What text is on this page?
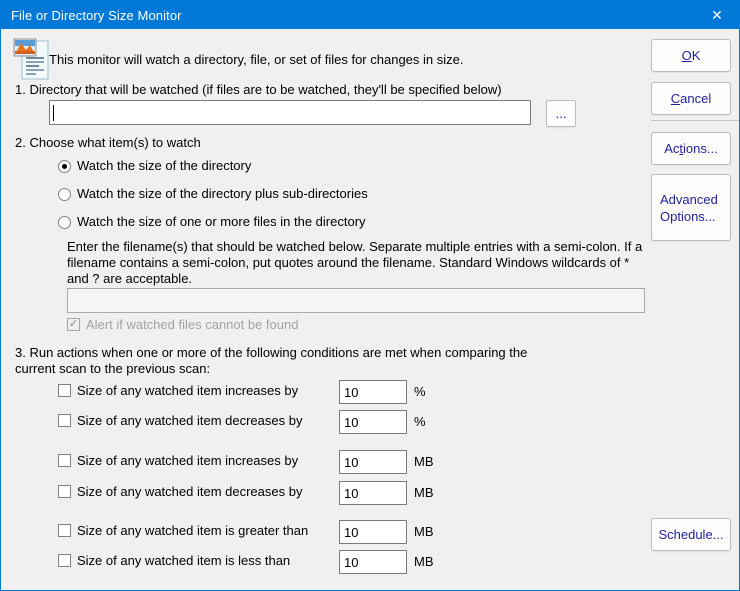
File or Directory Size Monitor	✕
This monitor will watch a directory, file, or set of files for changes in size.
1. Directory that will be watched (if files are to be watched, they'll be specified below)
...
2. Choose what item(s) to watch
Watch the size of the directory
Watch the size of the directory plus sub-directories
Watch the size of one or more files in the directory
Enter the filename(s) that should be watched below. Separate multiple entries with a semi-colon. If a filename contains a semi-colon, put quotes around the filename. Standard Windows wildcards of * and ? are acceptable.
✓ Alert if watched files cannot be found
3. Run actions when one or more of the following conditions are met when comparing the
current scan to the previous scan:
Size of any watched item increases by
10	%
Size of any watched item decreases by
10	%
Size of any watched item increases by
10	MB
Size of any watched item decreases by
10	MB
Size of any watched item is greater than
10	MB
Size of any watched item is less than
10	MB
OK
Cancel
Actions...
Advanced Options...
Schedule...
